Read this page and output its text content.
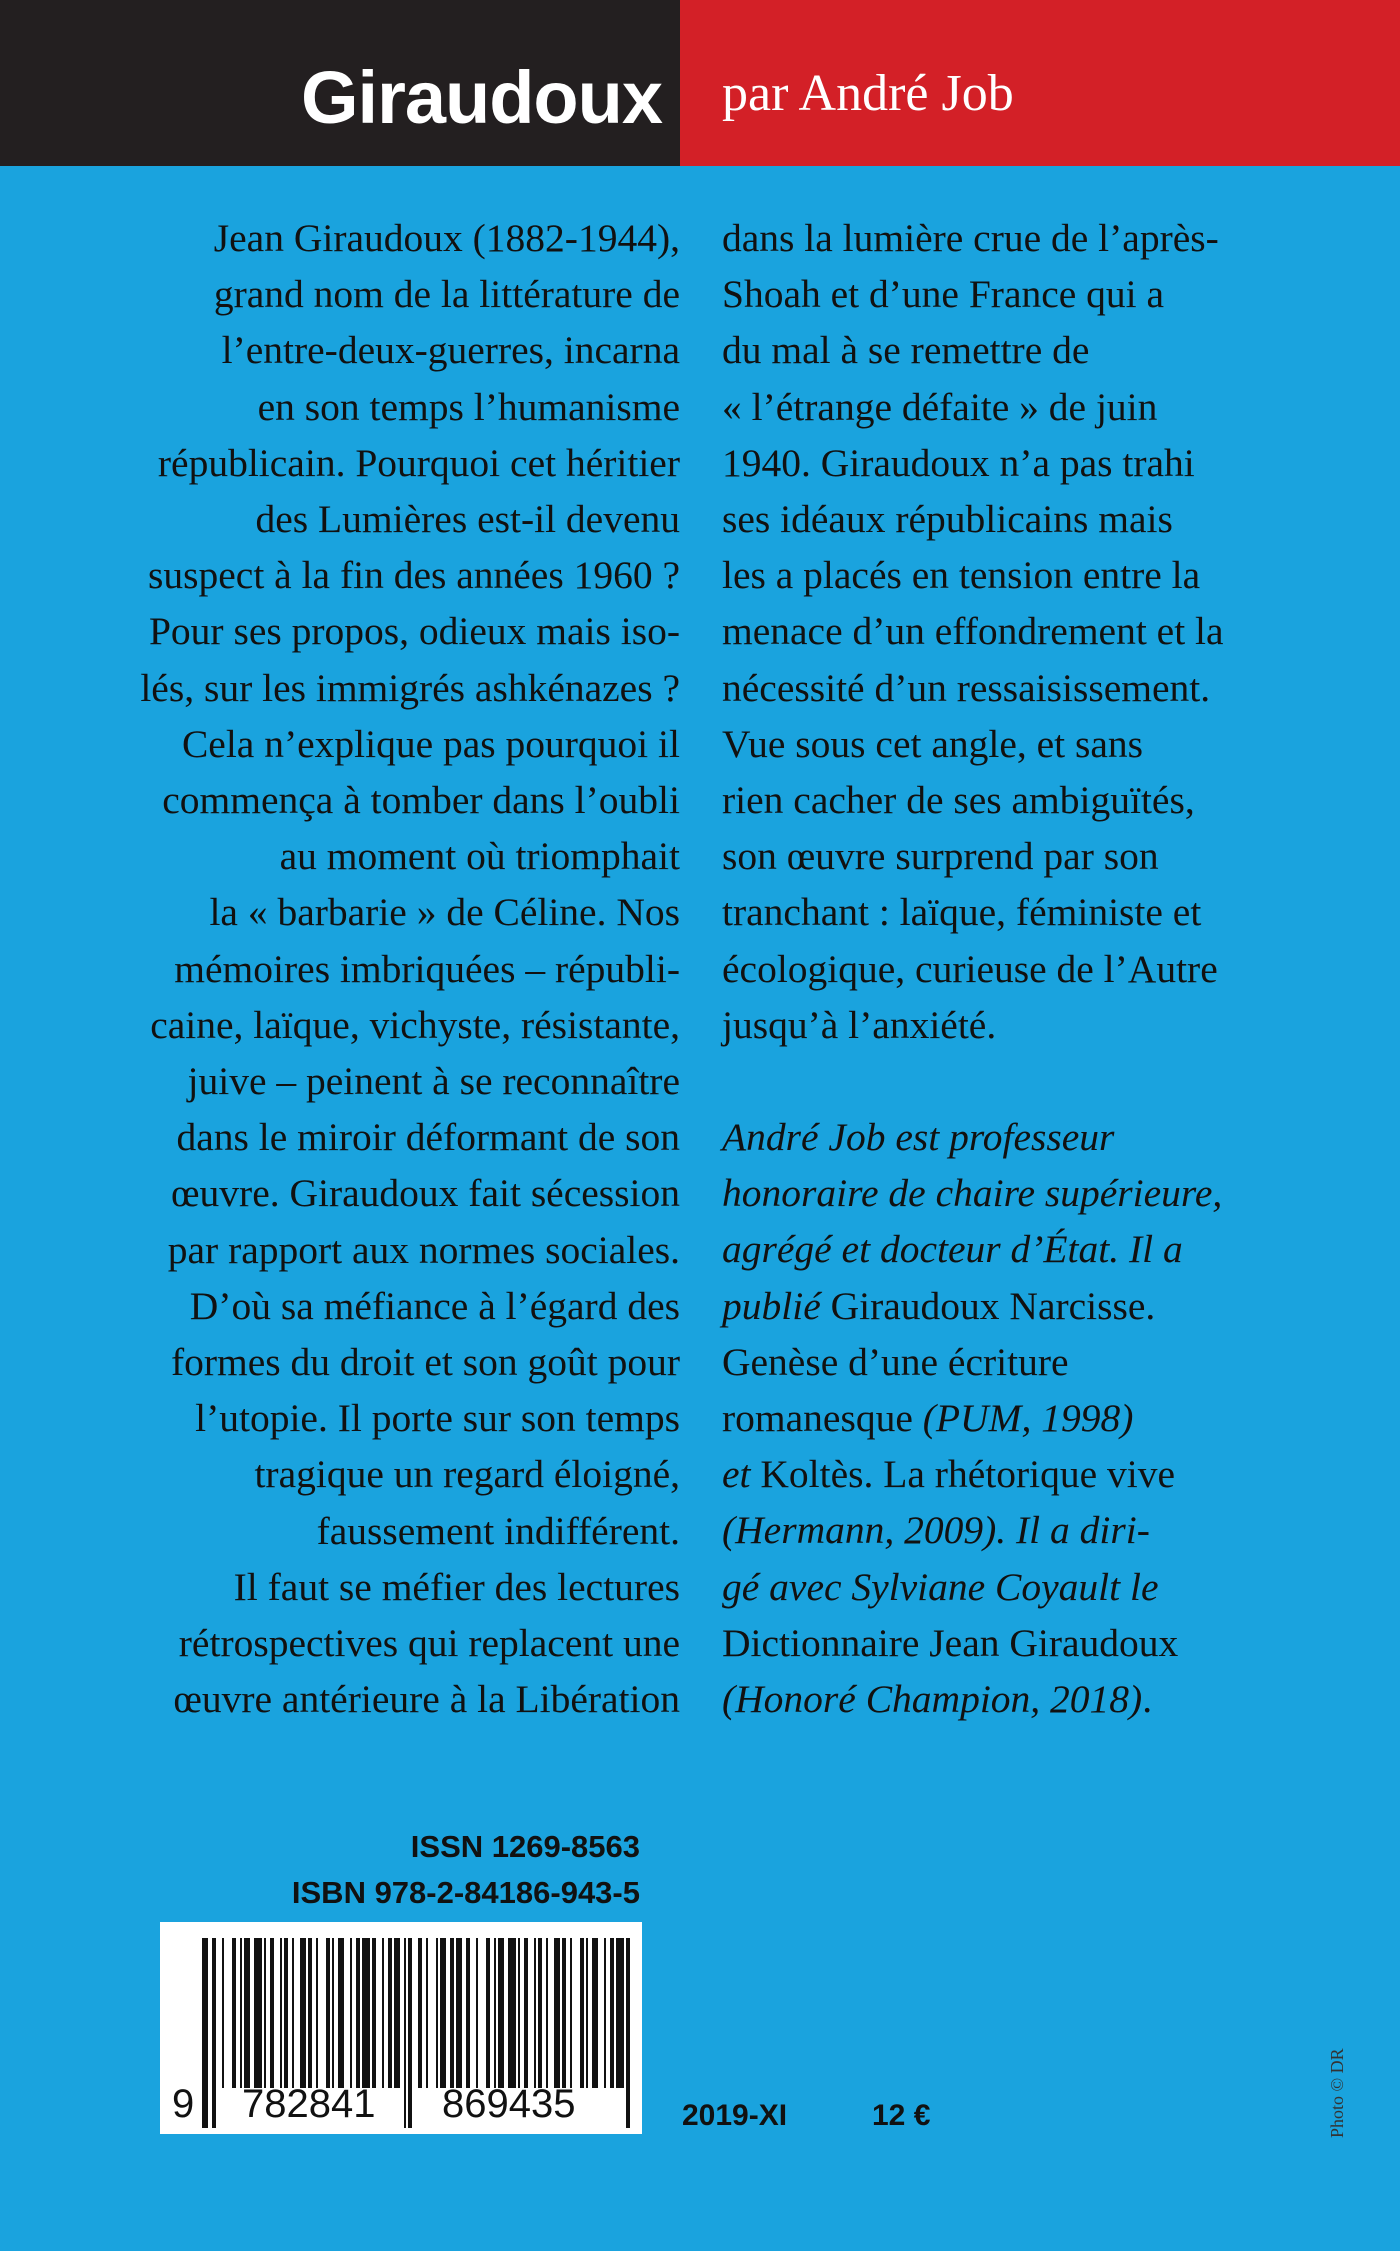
Giraudoux par André Job
Jean Giraudoux (1882-1944),
grand nom de la littérature de
l’entre-deux-guerres, incarna
en son temps l’humanisme
républicain. Pourquoi cet héritier
des Lumières est-il devenu
suspect à la fin des années 1960 ?
Pour ses propos, odieux mais iso-
lés, sur les immigrés ashkénazes ?
Cela n’explique pas pourquoi il
commença à tomber dans l’oubli
au moment où triomphait
la « barbarie » de Céline. Nos
mémoires imbriquées – républi-
caine, laïque, vichyste, résistante,
juive – peinent à se reconnaître
dans le miroir déformant de son
œuvre. Giraudoux fait sécession
par rapport aux normes sociales.
D’où sa méfiance à l’égard des
formes du droit et son goût pour
l’utopie. Il porte sur son temps
tragique un regard éloigné,
faussement indifférent.
Il faut se méfier des lectures
rétrospectives qui replacent une
œuvre antérieure à la Libération
dans la lumière crue de l’après-
Shoah et d’une France qui a
du mal à se remettre de
« l’étrange défaite » de juin
1940. Giraudoux n’a pas trahi
ses idéaux républicains mais
les a placés en tension entre la
menace d’un effondrement et la
nécessité d’un ressaisissement.
Vue sous cet angle, et sans
rien cacher de ses ambiguïtés,
son œuvre surprend par son
tranchant : laïque, féministe et
écologique, curieuse de l’Autre
jusqu’à l’anxiété.
André Job est professeur
honoraire de chaire supérieure,
agrégé et docteur d’État. Il a
publié Giraudoux Narcisse.
Genèse d’une écriture
romanesque (PUM, 1998)
et Koltès. La rhétorique vive
(Hermann, 2009). Il a diri-
gé avec Sylviane Coyault le
Dictionnaire Jean Giraudoux
(Honoré Champion, 2018).
ISSN 1269-8563
ISBN 978-2-84186-943-5
9 782841 869435	2019-XI	12 €	Photo © DR
